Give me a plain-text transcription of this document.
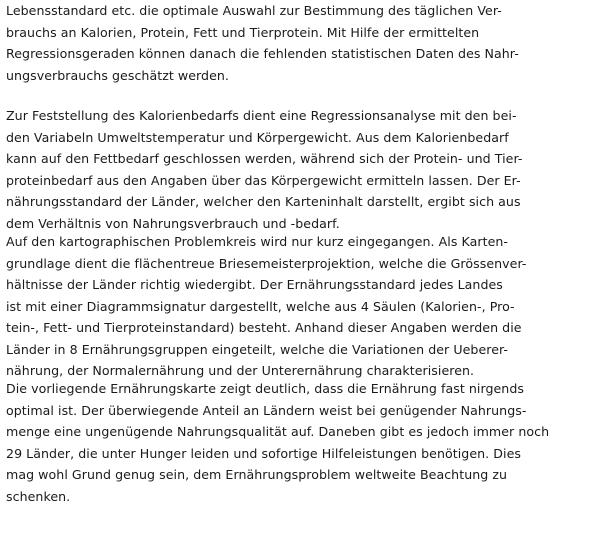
Lebensstandard etc. die optimale Auswahl zur Bestimmung des täglichen Ver-
brauchs an Kalorien, Protein, Fett und Tierprotein. Mit Hilfe der ermittelten
Regressionsgeraden können danach die fehlenden statistischen Daten des Nahr-
ungsverbrauchs geschätzt werden.
Zur Feststellung des Kalorienbedarfs dient eine Regressionsanalyse mit den bei-
den Variabeln Umweltstemperatur und Körpergewicht. Aus dem Kalorienbedarf
kann auf den Fettbedarf geschlossen werden, während sich der Protein- und Tier-
proteinbedarf aus den Angaben über das Körpergewicht ermitteln lassen. Der Er-
nährungsstandard der Länder, welcher den Karteninhalt darstellt, ergibt sich aus
dem Verhältnis von Nahrungsverbrauch und -bedarf.
Auf den kartographischen Problemkreis wird nur kurz eingegangen. Als Karten-
grundlage dient die flächentreue Briesemeisterprojektion, welche die Grössenver-
hältnisse der Länder richtig wiedergibt. Der Ernährungsstandard jedes Landes
ist mit einer Diagrammsignatur dargestellt, welche aus 4 Säulen (Kalorien-, Pro-
tein-, Fett- und Tierproteinstandard) besteht. Anhand dieser Angaben werden die
Länder in 8 Ernährungsgruppen eingeteilt, welche die Variationen der Ueberer-
nährung, der Normalernährung und der Unterernährung charakterisieren.
Die vorliegende Ernährungskarte zeigt deutlich, dass die Ernährung fast nirgends
optimal ist. Der überwiegende Anteil an Ländern weist bei genügender Nahrungs-
menge eine ungenügende Nahrungsqualität auf. Daneben gibt es jedoch immer noch
29 Länder, die unter Hunger leiden und sofortige Hilfeleistungen benötigen. Dies
mag wohl Grund genug sein, dem Ernährungsproblem weltweite Beachtung zu
schenken.
